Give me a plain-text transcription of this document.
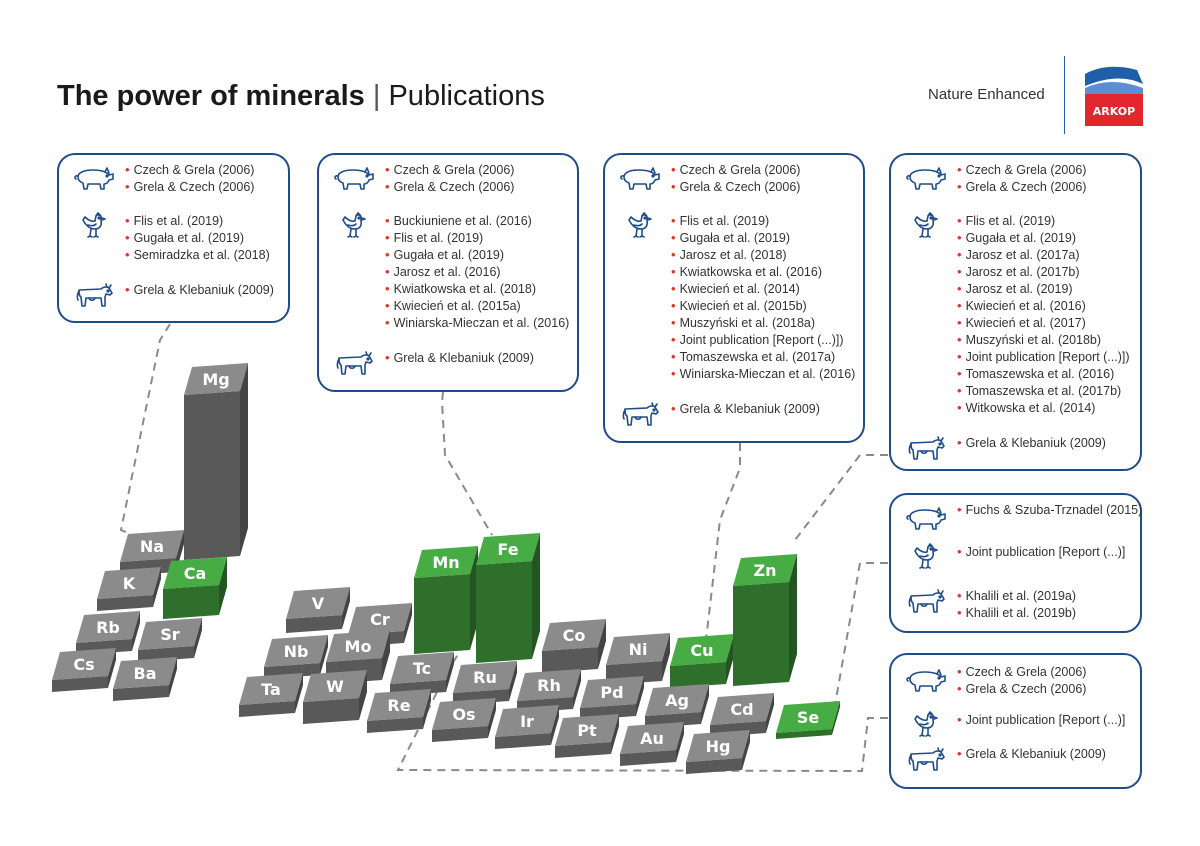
The power of minerals | Publications	Nature Enhanced
ARKOP
Mg
Na
K
Ca
Rb	Sr
Cs Ba
V
Cr
Nb Mo
Tc
Ta	W
Re
Mn
Fe
Co
Ni	Cu
Zn
Ru	Rh Pd	Ag	Cd	Se
Os	Ir	Pt	Au	Hg
• Czech & Grela (2006)
• Grela & Czech (2006)
• Flis et al. (2019)
• Gugała et al. (2019)
• Semiradzka et al. (2018)
• Grela & Klebaniuk (2009)
• Czech & Grela (2006)
• Grela & Czech (2006)
• Buckiuniene et al. (2016)
• Flis et al. (2019)
• Gugała et al. (2019)
• Jarosz et al. (2016)
• Kwiatkowska et al. (2018)
• Kwiecień et al. (2015a)
• Winiarska-Mieczan et al. (2016)
• Grela & Klebaniuk (2009)
• Czech & Grela (2006)
• Grela & Czech (2006)
• Flis et al. (2019)
• Gugała et al. (2019)
• Jarosz et al. (2018)
• Kwiatkowska et al. (2016)
• Kwiecień et al. (2014)
• Kwiecień et al. (2015b)
• Muszyński et al. (2018a)
• Joint publication [Report (...)])
• Tomaszewska et al. (2017a)
• Winiarska-Mieczan et al. (2016)
• Grela & Klebaniuk (2009)
• Czech & Grela (2006)
• Grela & Czech (2006)
• Flis et al. (2019)
• Gugała et al. (2019)
• Jarosz et al. (2017a)
• Jarosz et al. (2017b)
• Jarosz et al. (2019)
• Kwiecień et al. (2016)
• Kwiecień et al. (2017)
• Muszyński et al. (2018b)
• Joint publication [Report (...)])
• Tomaszewska et al. (2016)
• Tomaszewska et al. (2017b)
• Witkowska et al. (2014)
• Grela & Klebaniuk (2009)
• Fuchs & Szuba-Trznadel (2015)
• Joint publication [Report (...)]
• Khalili et al. (2019a)
• Khalili et al. (2019b)
• Czech & Grela (2006)
• Grela & Czech (2006)
• Joint publication [Report (...)]
• Grela & Klebaniuk (2009)
